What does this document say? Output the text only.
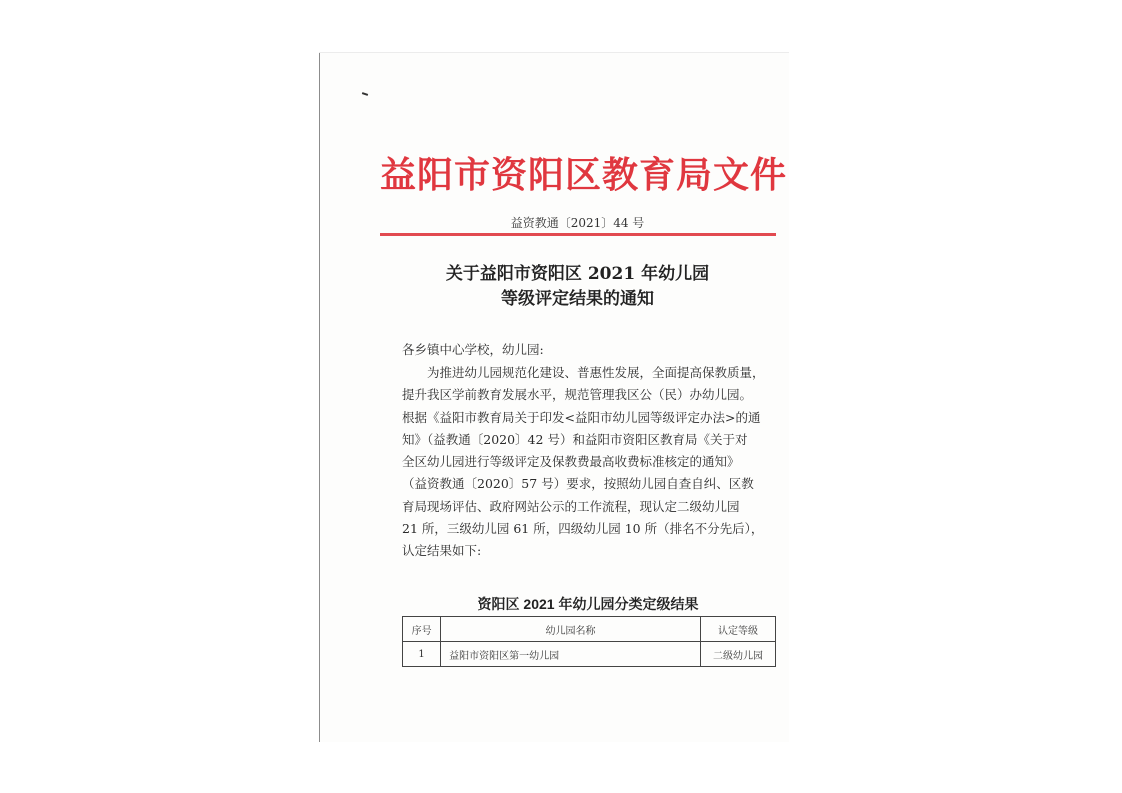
益阳市资阳区教育局文件
益资教通〔2021〕44 号
关于益阳市资阳区 2021 年幼儿园
等级评定结果的通知
各乡镇中心学校，幼儿园:
为推进幼儿园规范化建设、普惠性发展，全面提高保教质量，
提升我区学前教育发展水平，规范管理我区公（民）办幼儿园。
根据《益阳市教育局关于印发<益阳市幼儿园等级评定办法>的通
知》（益教通〔2020〕42 号）和益阳市资阳区教育局《关于对
全区幼儿园进行等级评定及保教费最高收费标准核定的通知》
（益资教通〔2020〕57 号）要求，按照幼儿园自查自纠、区教
育局现场评估、政府网站公示的工作流程，现认定二级幼儿园
21 所，三级幼儿园 61 所，四级幼儿园 10 所（排名不分先后），
认定结果如下:
资阳区 2021 年幼儿园分类定级结果
序号	幼儿园名称	认定等级
1	益阳市资阳区第一幼儿园	二级幼儿园
